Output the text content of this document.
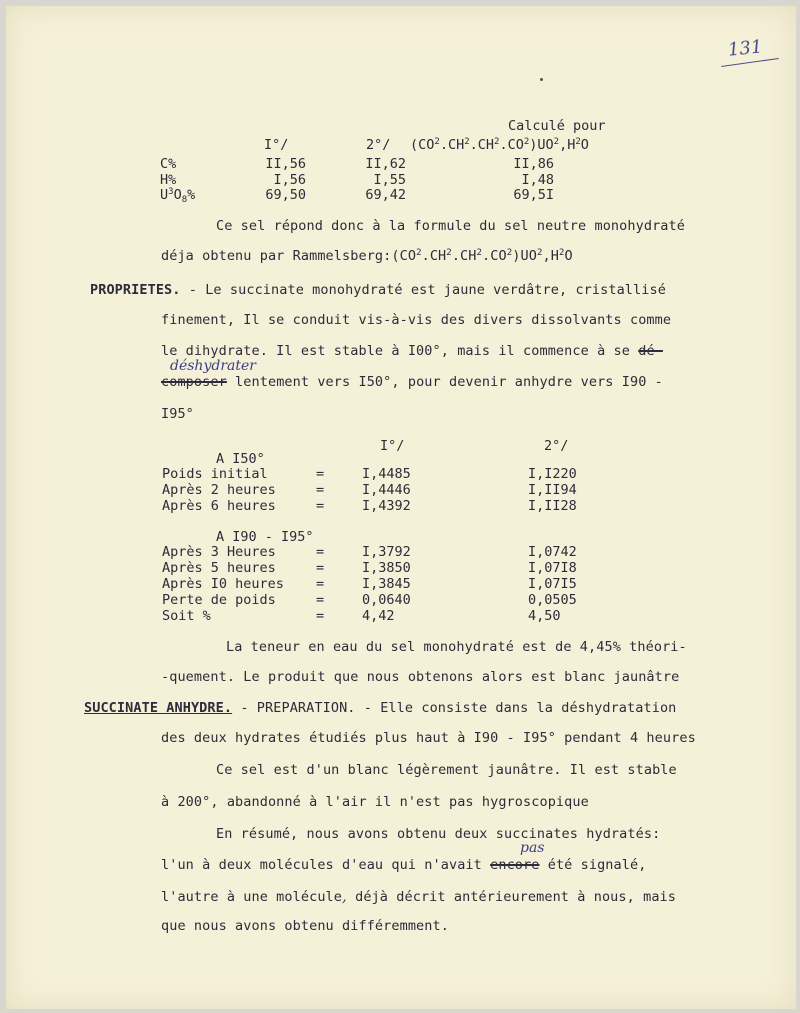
131
Calculé pour
I°/	2°/ $(CO^2.CH^2.CH^2.CO^2)UO^2,H^2O$
C%	II,56	II,62	II,86
H%	I,56	I,55	I,48
$U^3O_8\%$	69,50	69,42	69,5I
Ce sel répond donc à la formule du sel neutre monohydraté
déja obtenu par $Rammelsberg:(CO^2.CH^2.CH^2.CO^2)UO^2,H^2O$
PROPRIETES. - Le succinate monohydraté est jaune verdâtre, cristallisé
finement, Il se conduit vis-à-vis des divers dissolvants comme
le dihydrate. Il est stable à I00°, mais il commence à se dé-
déshydrater
composer lentement vers I50°, pour devenir anhydre vers I90 -
I95°
I°/	2°/
A I50°
Poids initial	=	I,4485	I,I220
Après 2 heures	=	I,4446	I,II94
Après 6 heures	=	I,4392	I,II28
A I90 - I95°
Après 3 Heures	=	I,3792	I,0742
Après 5 heures	=	I,3850	I,07I8
Après I0 heures =	I,3845	I,07I5
Perte de poids	=	0,0640	0,0505
Soit %	=	4,42	4,50
La teneur en eau du sel monohydraté est de 4,45% théori-
-quement. Le produit que nous obtenons alors est blanc jaunâtre
SUCCINATE ANHYDRE. - PREPARATION. - Elle consiste dans la déshydratation
des deux hydrates étudiés plus haut à I90 - I95° pendant 4 heures
Ce sel est d'un blanc légèrement jaunâtre. Il est stable
à 200°, abandonné à l'air il n'est pas hygroscopique
En résumé, nous avons obtenu deux succinates hydratés:
pas
l'un à deux molécules d'eau qui n'avait encore été signalé,
l'autre à une molécule, déjà décrit antérieurement à nous, mais
que nous avons obtenu différemment.
